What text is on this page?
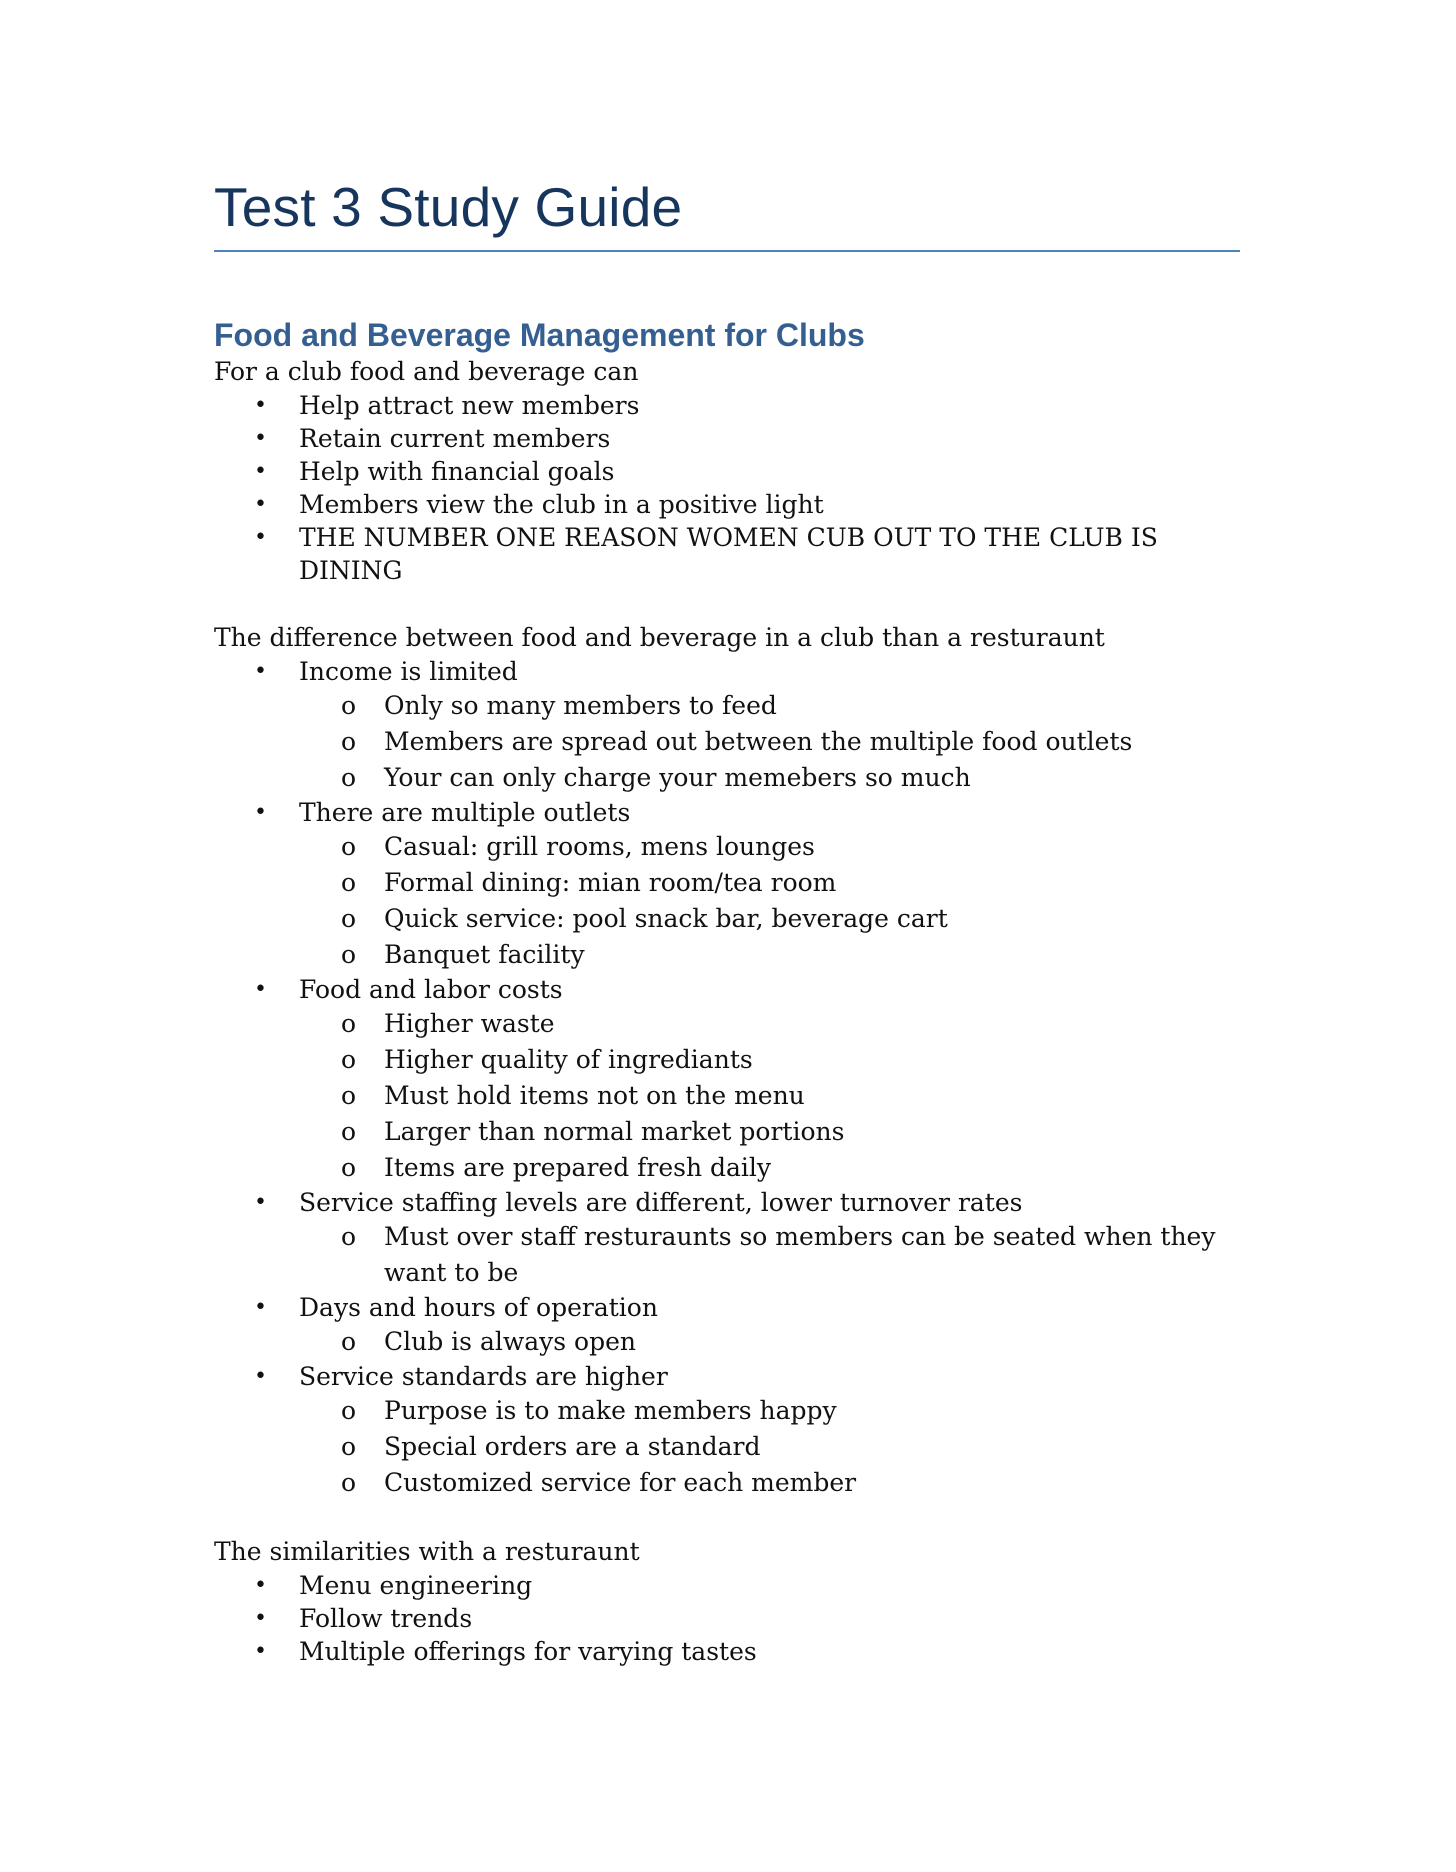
Test 3 Study Guide
Food and Beverage Management for Clubs

For a club food and beverage can

• Help attract new members
• Retain current members
• Help with financial goals
• Members view the club in a positive light
• THE NUMBER ONE REASON WOMEN CUB OUT TO THE CLUB IS DINING

The difference between food and beverage in a club than a resturaunt

• Income is limited
o Only so many members to feed
o Members are spread out between the multiple food outlets
o Your can only charge your memebers so much
• There are multiple outlets
o Casual: grill rooms, mens lounges
o Formal dining: mian room/tea room
o Quick service: pool snack bar, beverage cart
o Banquet facility
• Food and labor costs
o Higher waste
o Higher quality of ingrediants
o Must hold items not on the menu
o Larger than normal market portions
o Items are prepared fresh daily
• Service staffing levels are different, lower turnover rates
o Must over staff resturaunts so members can be seated when they want to be
• Days and hours of operation
o Club is always open
• Service standards are higher
o Purpose is to make members happy
o Special orders are a standard
o Customized service for each member

The similarities with a resturaunt

• Menu engineering
• Follow trends
• Multiple offerings for varying tastes
